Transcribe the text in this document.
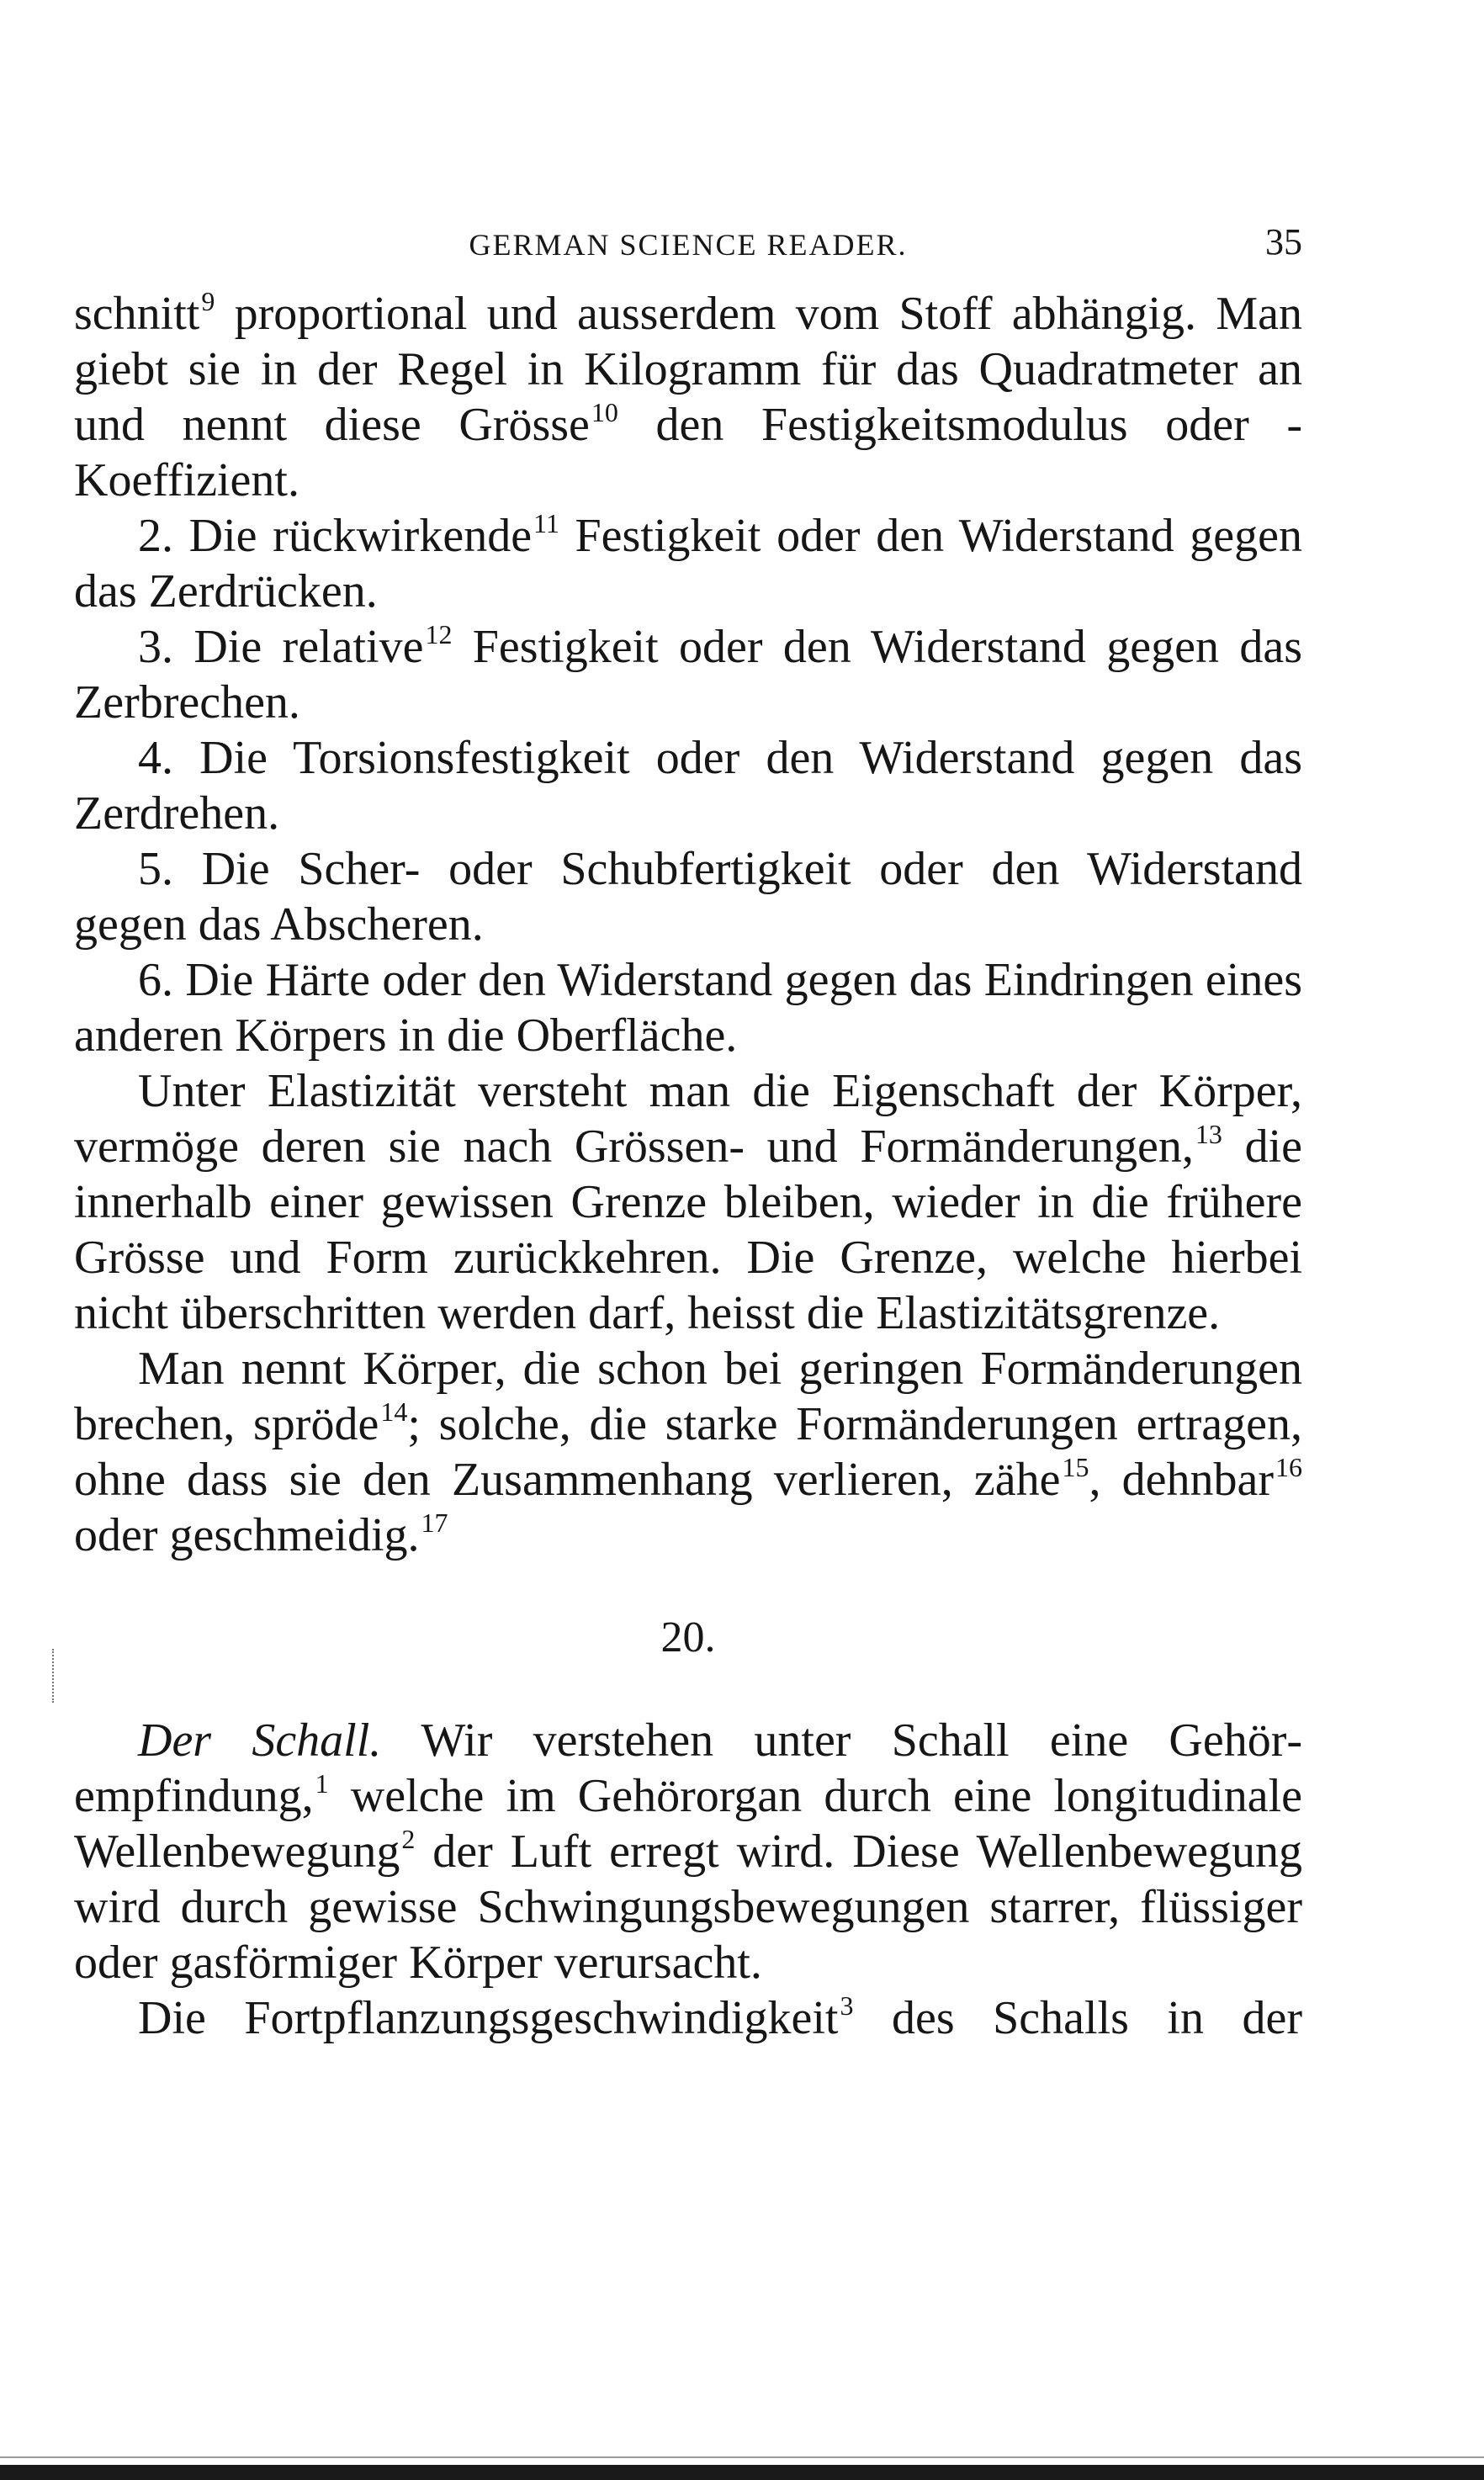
GERMAN SCIENCE READER.	35

schnitt$^9$ proportional und ausserdem vom Stoff abhängig. Man giebt sie in der Regel in Kilogramm für das Quadratmeter an und nennt diese Grösse$^{10}$ den Festigkeitsmodulus oder -Koeffizient.

2. Die rückwirkende$^{11}$ Festigkeit oder den Widerstand gegen das Zerdrücken.

3. Die relative$^{12}$ Festigkeit oder den Widerstand gegen das Zerbrechen.

4. Die Torsionsfestigkeit oder den Widerstand gegen das Zerdrehen.

5. Die Scher- oder Schubfertigkeit oder den Widerstand gegen das Abscheren.

6. Die Härte oder den Widerstand gegen das Eindringen eines anderen Körpers in die Oberfläche.

Unter Elastizität versteht man die Eigenschaft der Körper, vermöge deren sie nach Grössen- und Formänderungen,$^{13}$ die innerhalb einer gewissen Grenze bleiben, wieder in die frühere Grösse und Form zurückkehren. Die Grenze, welche hierbei nicht überschritten werden darf, heisst die Elastizitätsgrenze.

Man nennt Körper, die schon bei geringen Formänderungen brechen, spröde$^{14}$; solche, die starke Formänderungen ertragen, ohne dass sie den Zusammenhang verlieren, zähe$^{15}$, dehnbar$^{16}$ oder geschmeidig.$^{17}$

20.

Der Schall. Wir verstehen unter Schall eine Gehörempfindung,$^1$ welche im Gehörorgan durch eine longitudinale Wellenbewegung$^2$ der Luft erregt wird. Diese Wellenbewegung wird durch gewisse Schwingungsbewegungen starrer, flüssiger oder gasförmiger Körper verursacht.

Die Fortpflanzungsgeschwindigkeit$^3$ des Schalls in der
